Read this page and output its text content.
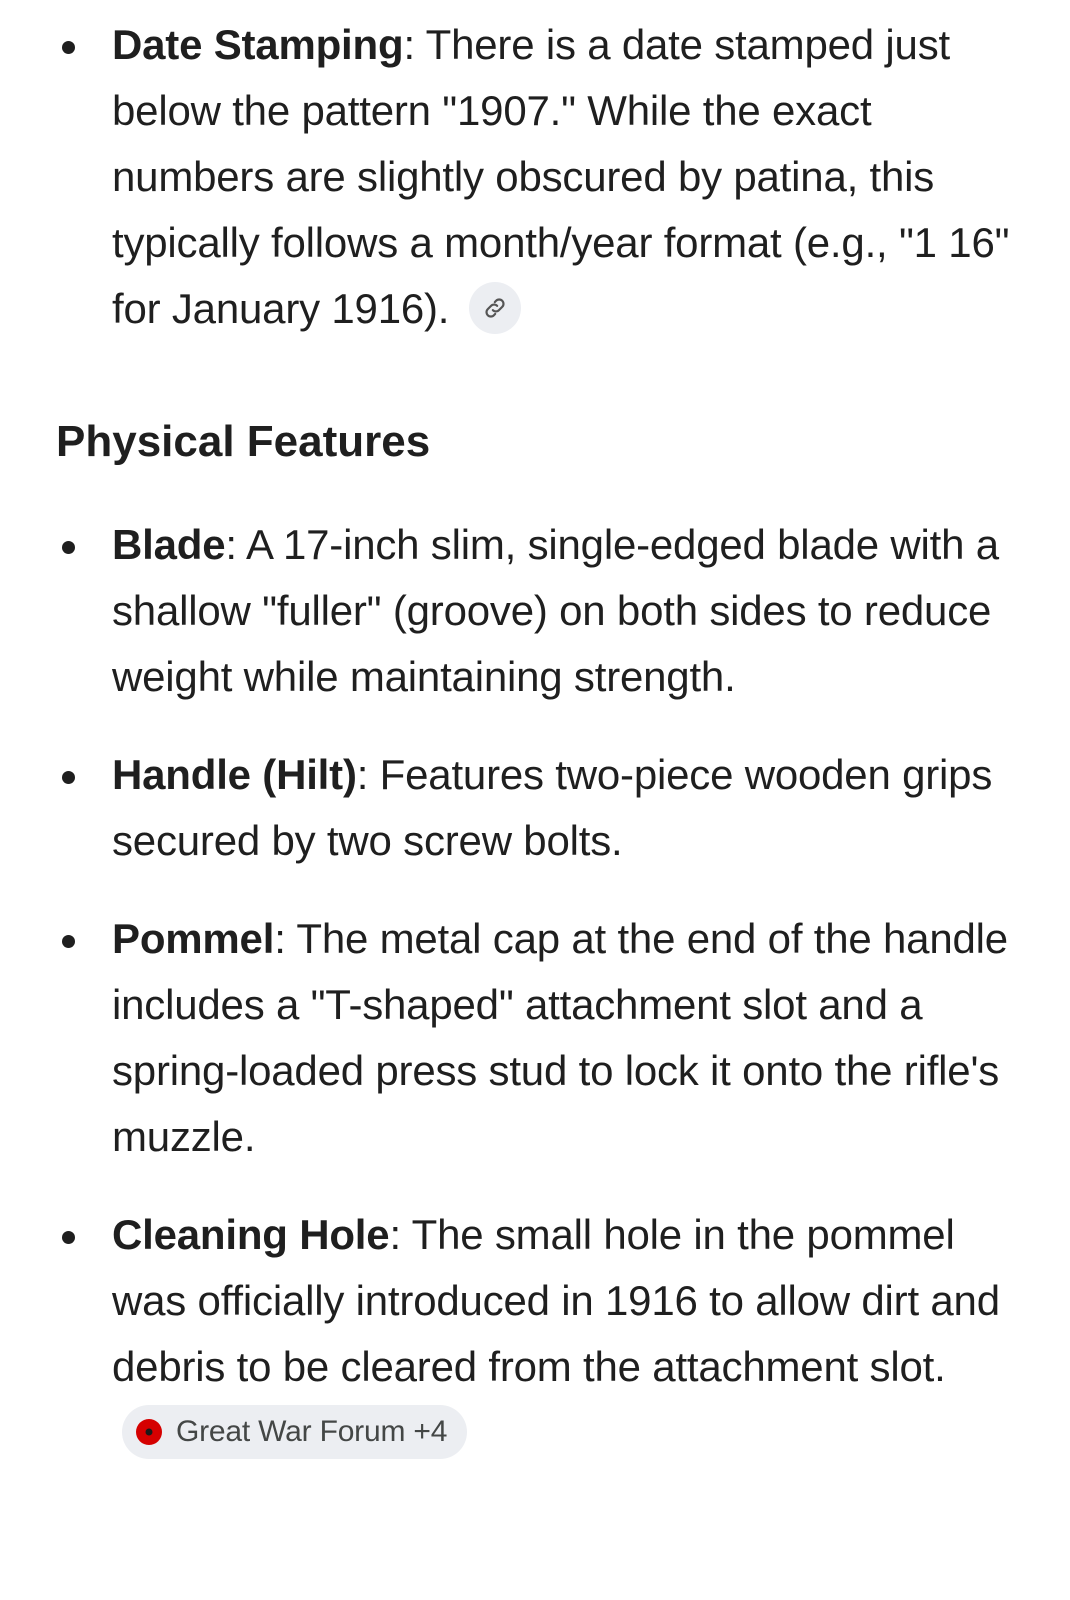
Date Stamping: There is a date stamped just below the pattern "1907." While the exact numbers are slightly obscured by patina, this typically follows a month/year format (e.g., "1 16" for January 1916).
Physical Features
Blade: A 17-inch slim, single-edged blade with a shallow "fuller" (groove) on both sides to reduce weight while maintaining strength.
Handle (Hilt): Features two-piece wooden grips secured by two screw bolts.
Pommel: The metal cap at the end of the handle includes a "T-shaped" attachment slot and a spring-loaded press stud to lock it onto the rifle's muzzle.
Cleaning Hole: The small hole in the pommel was officially introduced in 1916 to allow dirt and debris to be cleared from the attachment slot.
Great War Forum +4
